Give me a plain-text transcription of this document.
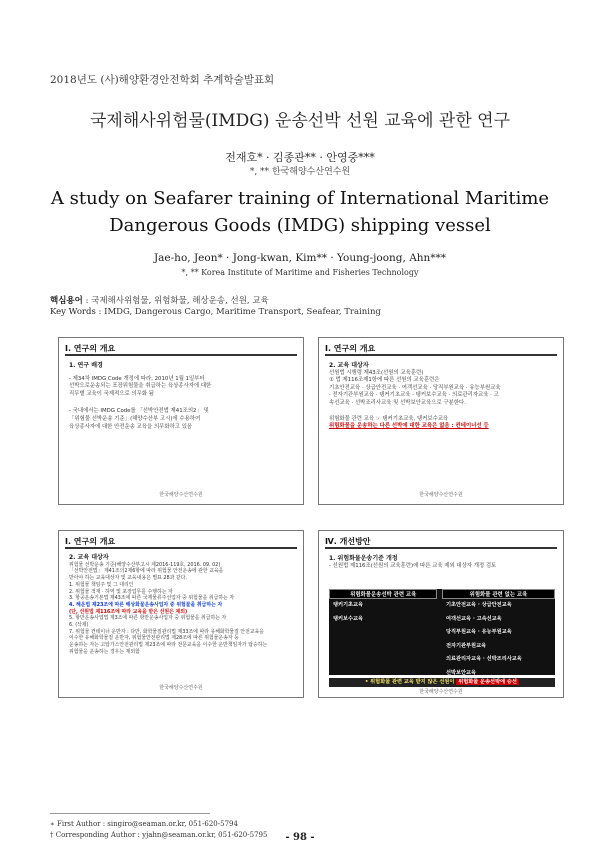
2018년도 (사)해양환경안전학회 추계학술발표회
국제해사위험물(IMDG) 운송선박 선원 교육에 관한 연구
전재호* · 김종관** · 안영중***
*, ** 한국해양수산연수원
A study on Seafarer training of International Maritime Dangerous Goods (IMDG) shipping vessel
Jae-ho, Jeon* · Jong-kwan, Kim** · Young-joong, Ahn***
*, ** Korea Institute of Maritime and Fisheries Technology
핵심용어 : 국제해사위험물, 위험화물, 해상운송, 선원, 교육
Key Words : IMDG, Dangerous Cargo, Maritime Transport, Seafear, Training
Ⅰ. 연구의 개요
1. 연구 배경
- 제34차 IMDG Code 개정에 따라, 2010년 1월 1일부터
선박으로운송되는 포장위험물을 취급하는 육상종사자에 대한
직무별 교육이 국제적으로 의무화 됨
- 국내에서는 IMDG Code를 「선박안전법 제41조의2」 및
「위험물 선박운송 기준」(해양수산부 고시)에 수용하여
육상종사자에 대한 안전운송 교육을 의무화하고 있음
한국해양수산연수원
Ⅰ. 연구의 개요
2. 교육 대상자
선원법 시행령 제43조(선원의 교육훈련)
① 법 제116조제1항에 따른 선원의 교육훈련은
기초안전교육 · 상급안전교육 · 여객선교육 · 당직부원교육 · 유능부원교육
· 전자기관부원교육 · 탱커기초교육 · 탱커보수교육 · 의료관리자교육 · 고
속선교육 · 선박조리사교육 및 선박보안교육으로 구분한다.
위험화물 관련 교육 ☞ 탱커기초교육, 탱커보수교육
위험화물을 운송하는 다른 선박에 대한 교육은 없음 : 컨테이너선 등
한국해양수산연수원
Ⅰ. 연구의 개요
2. 교육 대상자
위험물 선박운송 기준(해양수산부고시 제2016-119호, 2016. 09. 02)
「선박안전법」 제41조의2제6항에 따라 위험물 안전운송에 관한 교육을
받아야 하는 교육대상자 및 교육내용은 별표 28과 같다.
1. 위험물 책임주 및 그 대리인
2. 위험물 적재 · 하역 및 포장업무를 수행하는 자
3. 항공운송기본법 제43조에 따른 국제물류주선업자 중 위험물을 취급하는 자
4. 해운법 제23조에 따른 해상화물운송사업자 중 위험물을 취급하는 자
(단, 선원법 제116조에 따라 교육을 받은 선원은 제외)
5. 항만운송사업법 제3조에 따른 항만운송사업자 중 위험물을 취급하는 자
6. (삭제)
7. 위험물 컨테이너 운반자 : 다만, 화학물질관리법 제33조에 따라 유해화학물질 안전교육을
이수한 유해화학물질 운반자, 위험물안전관리법 제28조에 따른 위험물운송자 등
운송하는 자는 고압가스안전관리법 제23조에 따라 전문교육을 이수한 운반책임자가 탑승하는
위험물을 운송하는 경우는 제외함
한국해양수산연수원
Ⅳ. 개선방안
1. 위험화물운송기준 개정
- 선원법 제116조(선원의 교육훈련)에 따른 교육 제외 대상자 개정 검토
위험화물운송선박 관련 교육
탱커기초교육
탱커보수교육
위험화물 관련 없는 교육
기초안전교육 · 상급안전교육
여객선교육 · 고속선교육
당직부원교육 · 유능부원교육
전자기관부원교육
의료관리자교육 · 선박조리사교육
선박보안교육
• 위험화물 관련 교육 받지 않은 선원이 위험화물 운송선박에 승선
한국해양수산연수원
∗ First Author : singiro@seaman.or.kr, 051-620-5794
† Corresponding Author : yjahn@seaman.or.kr, 051-620-5795	- 98 -
